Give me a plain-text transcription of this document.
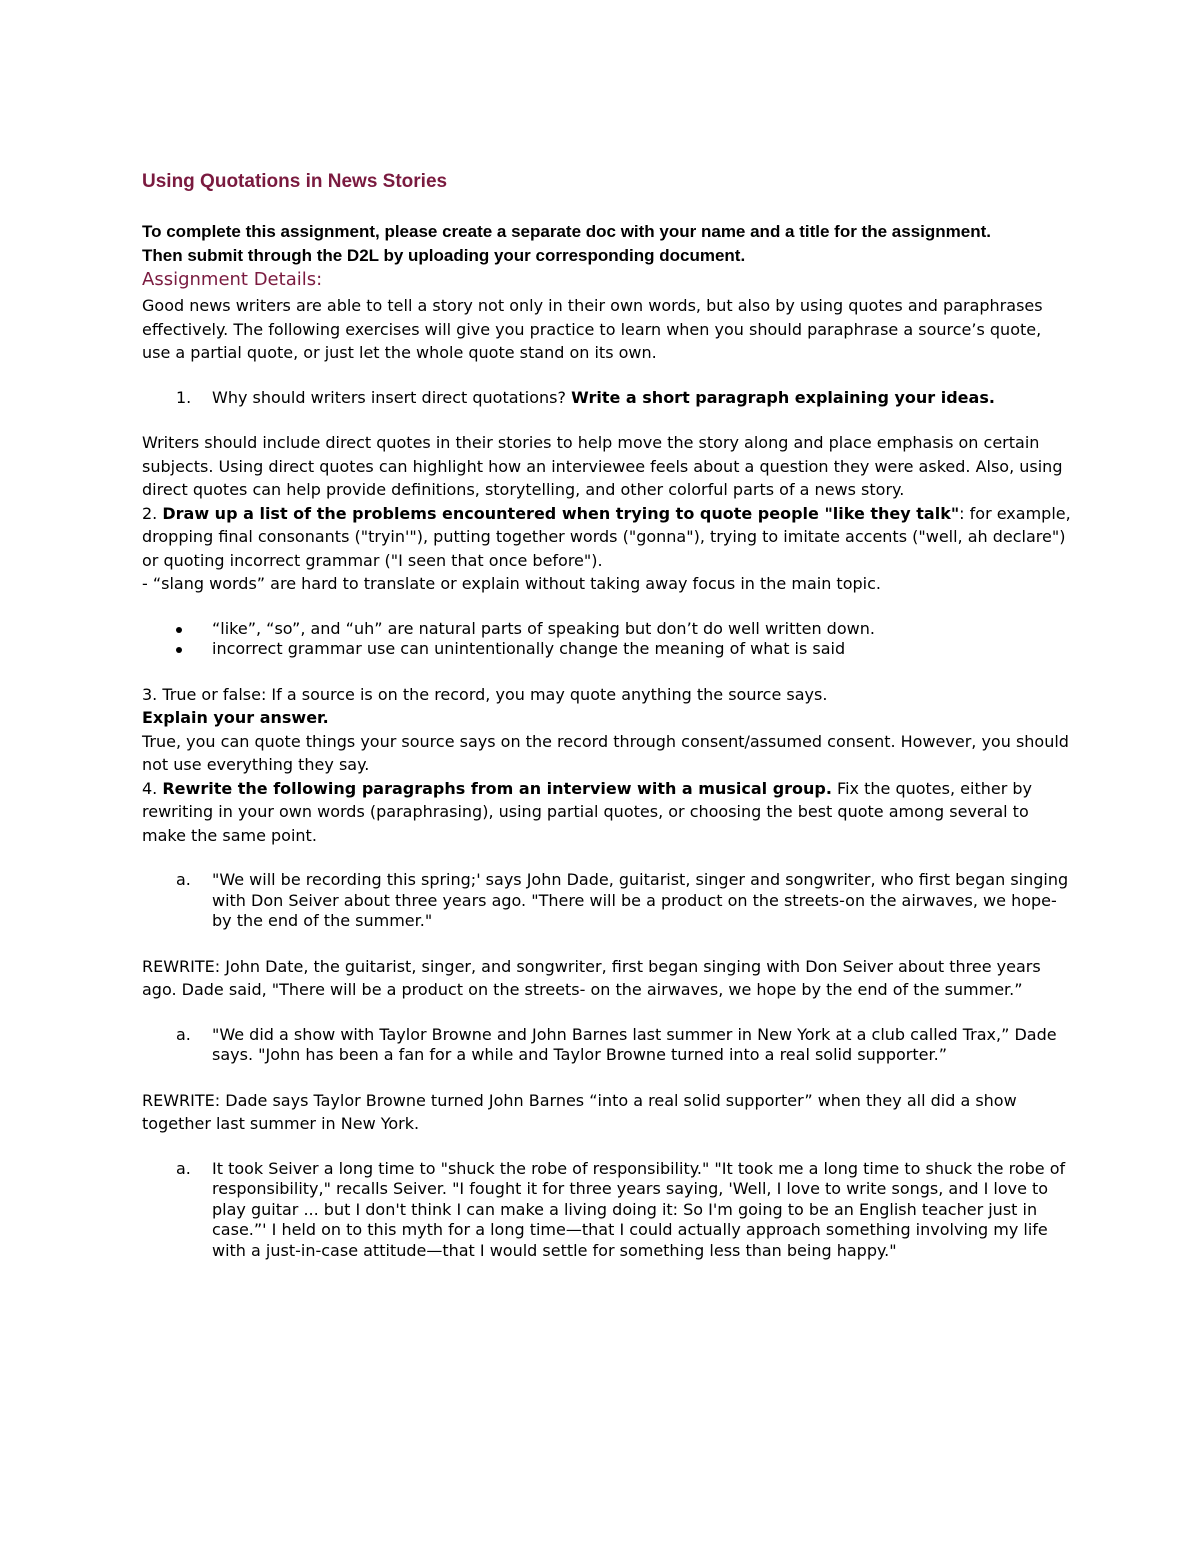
Using Quotations in News Stories

To complete this assignment, please create a separate doc with your name and a title for the assignment.
Then submit through the D2L by uploading your corresponding document.

Assignment Details:

Good news writers are able to tell a story not only in their own words, but also by using quotes and paraphrases effectively. The following exercises will give you practice to learn when you should paraphrase a source’s quote, use a partial quote, or just let the whole quote stand on its own.

1. Why should writers insert direct quotations? Write a short paragraph explaining your ideas.

Writers should include direct quotes in their stories to help move the story along and place emphasis on certain subjects. Using direct quotes can highlight how an interviewee feels about a question they were asked. Also, using direct quotes can help provide definitions, storytelling, and other colorful parts of a news story.

2. Draw up a list of the problems encountered when trying to quote people "like they talk": for example, dropping final consonants ("tryin'"), putting together words ("gonna"), trying to imitate accents ("well, ah declare") or quoting incorrect grammar ("I seen that once before").

- “slang words” are hard to translate or explain without taking away focus in the main topic.

“like”, “so”, and “uh” are natural parts of speaking but don’t do well written down.
incorrect grammar use can unintentionally change the meaning of what is said

3. True or false: If a source is on the record, you may quote anything the source says.

Explain your answer.

True, you can quote things your source says on the record through consent/assumed consent. However, you should not use everything they say.

4. Rewrite the following paragraphs from an interview with a musical group. Fix the quotes, either by rewriting in your own words (paraphrasing), using partial quotes, or choosing the best quote among several to make the same point.

a. "We will be recording this spring;' says John Dade, guitarist, singer and songwriter, who first began singing with Don Seiver about three years ago. "There will be a product on the streets-on the airwaves, we hope-by the end of the summer."

REWRITE: John Date, the guitarist, singer, and songwriter, first began singing with Don Seiver about three years ago. Dade said, "There will be a product on the streets- on the airwaves, we hope by the end of the summer.”

a. "We did a show with Taylor Browne and John Barnes last summer in New York at a club called Trax,” Dade says. "John has been a fan for a while and Taylor Browne turned into a real solid supporter.”

REWRITE: Dade says Taylor Browne turned John Barnes “into a real solid supporter” when they all did a show together last summer in New York.

a. It took Seiver a long time to "shuck the robe of responsibility." "It took me a long time to shuck the robe of responsibility," recalls Seiver. "I fought it for three years saying, 'Well, I love to write songs, and I love to play guitar ... but I don't think I can make a living doing it: So I'm going to be an English teacher just in case.”' I held on to this myth for a long time—that I could actually approach something involving my life with a just-in-case attitude—that I would settle for something less than being happy."
